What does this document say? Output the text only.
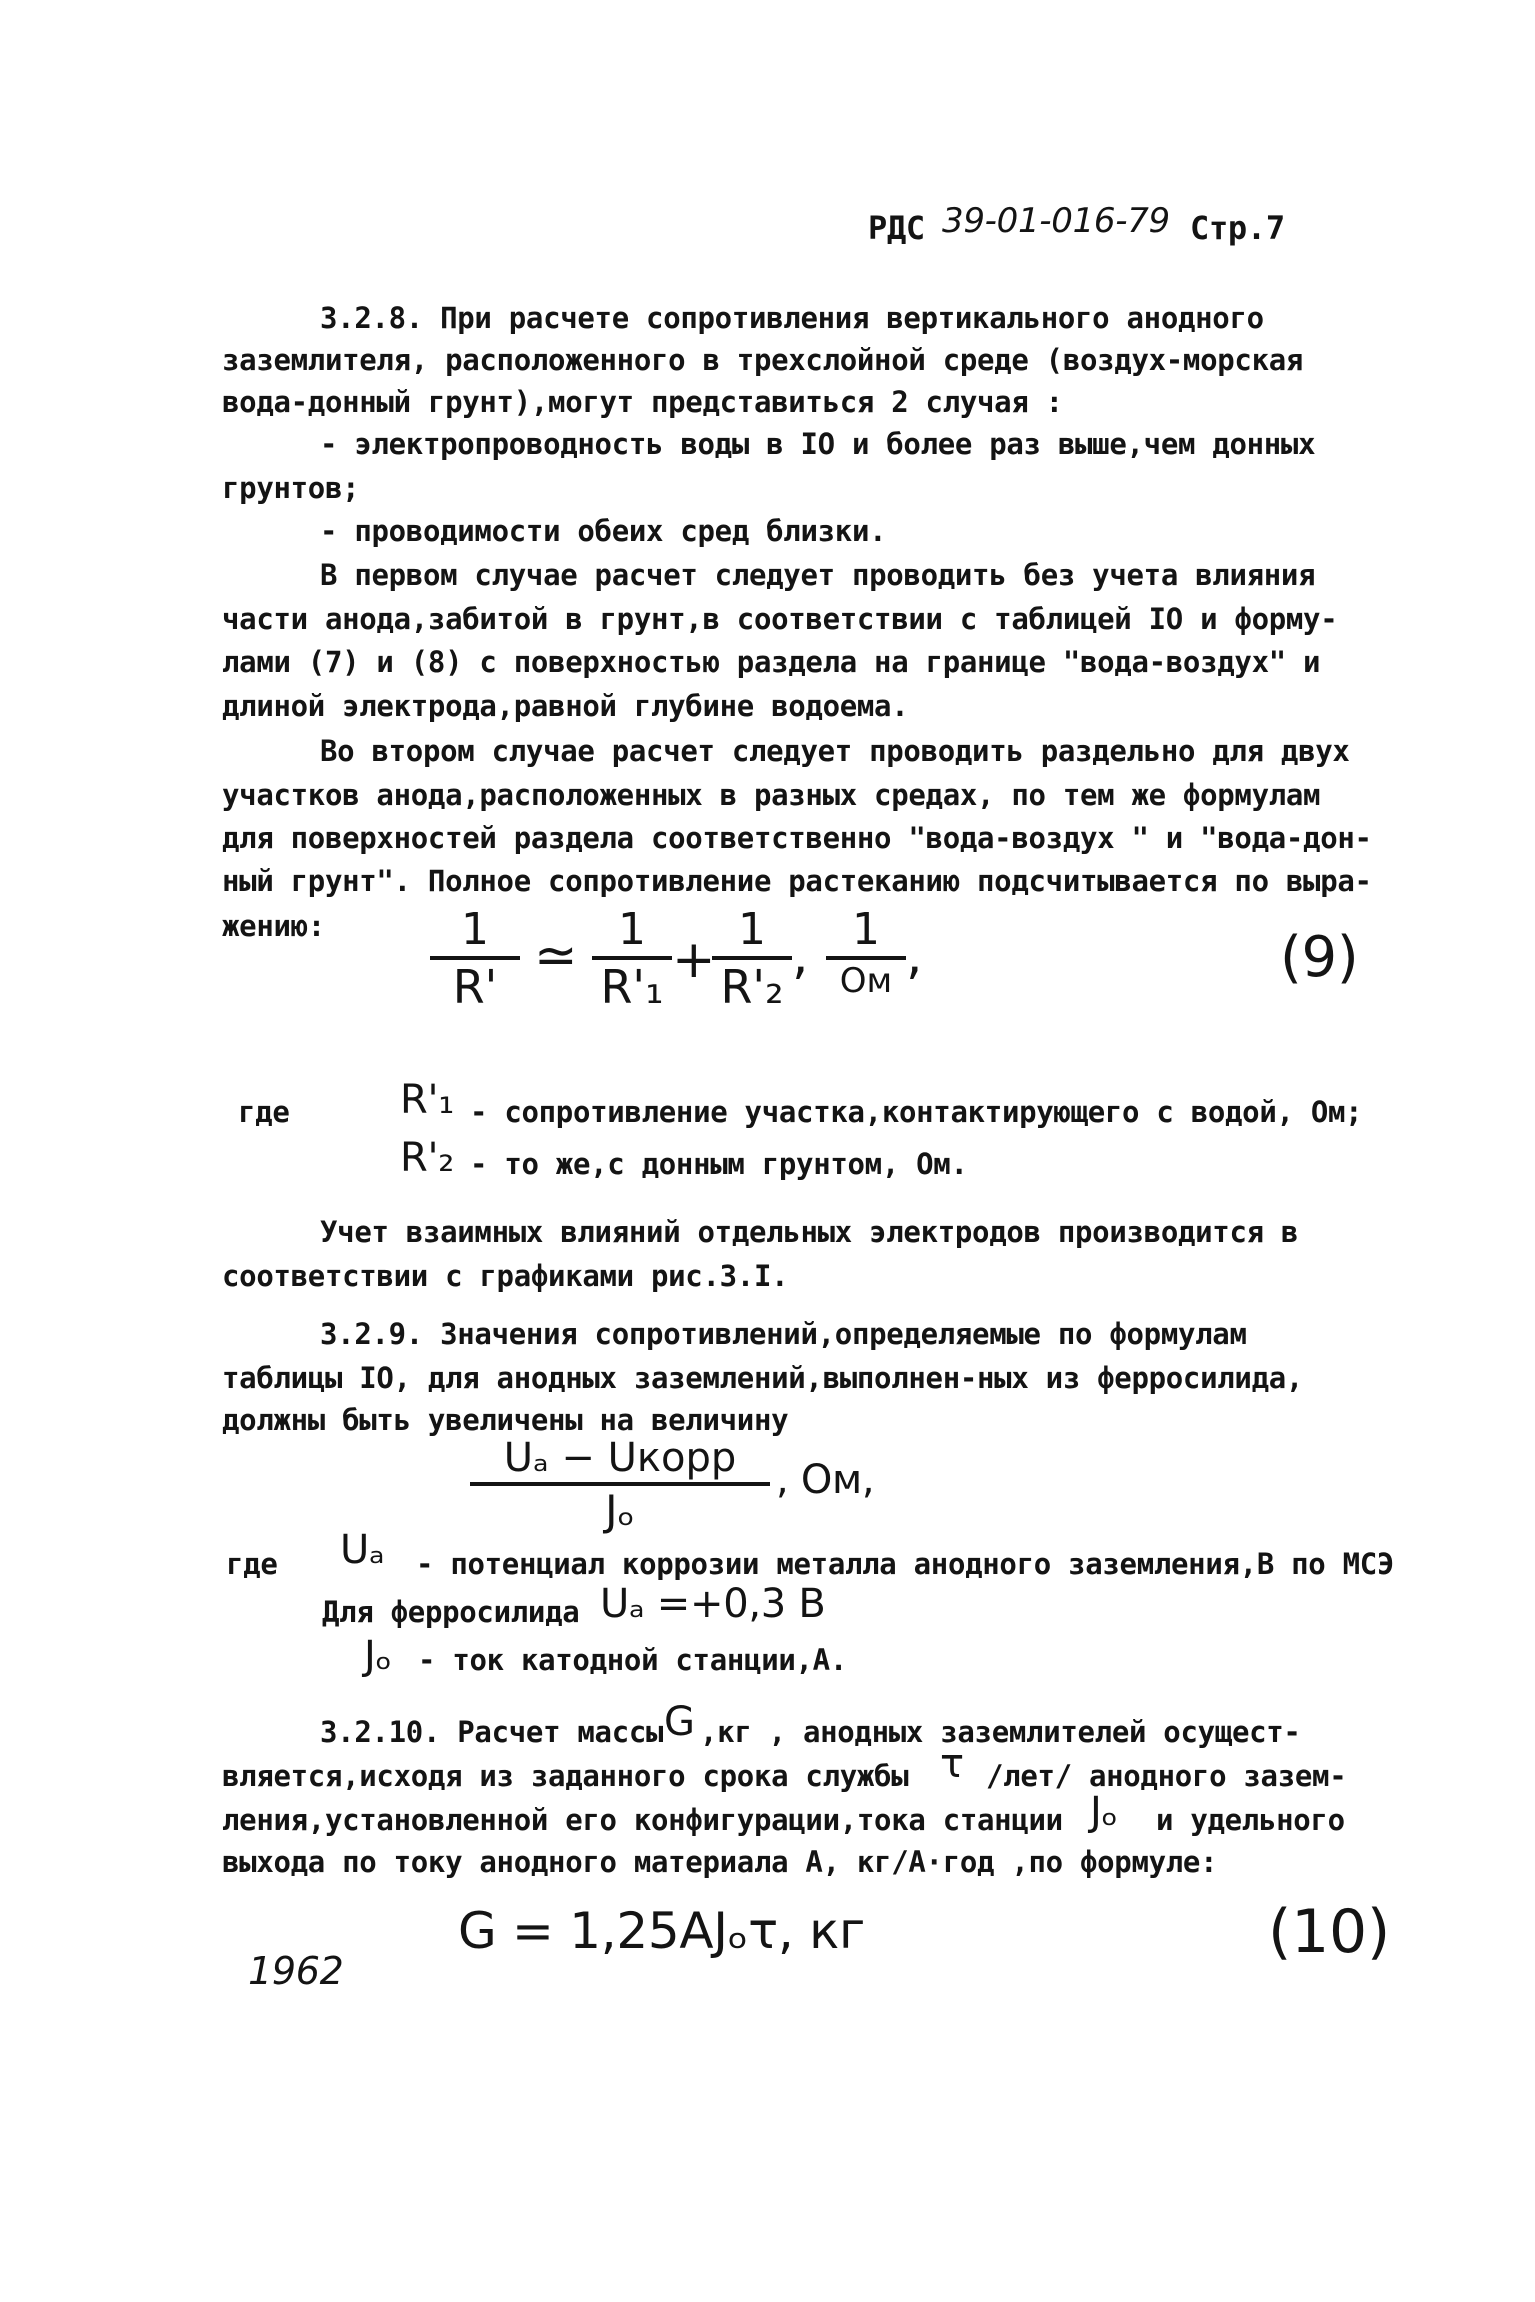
РДС 39-01-016-79 Стр.7
3.2.8. При расчете сопротивления вертикального анодного
заземлителя, расположенного в трехслойной среде (воздух-морская
вода-донный грунт),могут представиться 2 случая :
- электропроводность воды в IO и более раз выше,чем донных
грунтов;
- проводимости обеих сред близки.
В первом случае расчет следует проводить без учета влияния
части анода,забитой в грунт,в соответствии с таблицей IO и форму-
лами (7) и (8) с поверхностью раздела на границе "вода-воздух" и
длиной электрода,равной глубине водоема.
Во втором случае расчет следует проводить раздельно для двух
участков анода,расположенных в разных средах, по тем же формулам
для поверхностей раздела соответственно "вода-воздух " и "вода-дон-
ный грунт". Полное сопротивление растеканию подсчитывается по выра-
жению:	1
R'
≃ 1
R'₁ +
1
R'₂
, 1
Ом ,	(9)
где	R'₁ - сопротивление участка,контактирующего с водой, Ом;
R'₂ - то же,с донным грунтом, Ом.
Учет взаимных влияний отдельных электродов производится в
соответствии с графиками рис.3.I.
3.2.9. Значения сопротивлений,определяемые по формулам
таблицы IO, для анодных заземлений,выполнен-ных из ферросилида,
должны быть увеличены на величину
Uₐ − Uкорр
Jₒ
, Ом,
где Uₐ - потенциал коррозии металла анодного заземления,В по МСЭ
Для ферросилида Uₐ =+0,3 В
Jₒ - ток катодной станции,А.
3.2.10. Расчет массы G ,кг , анодных заземлителей осущест-
вляется,исходя из заданного срока службы τ /лет/ анодного зазем-
ления,установленной его конфигурации,тока станции Jₒ и удельного
выхода по току анодного материала А, кг/А·год ,по формуле:
G = 1,25AJₒτ, кг	(10)
1962
